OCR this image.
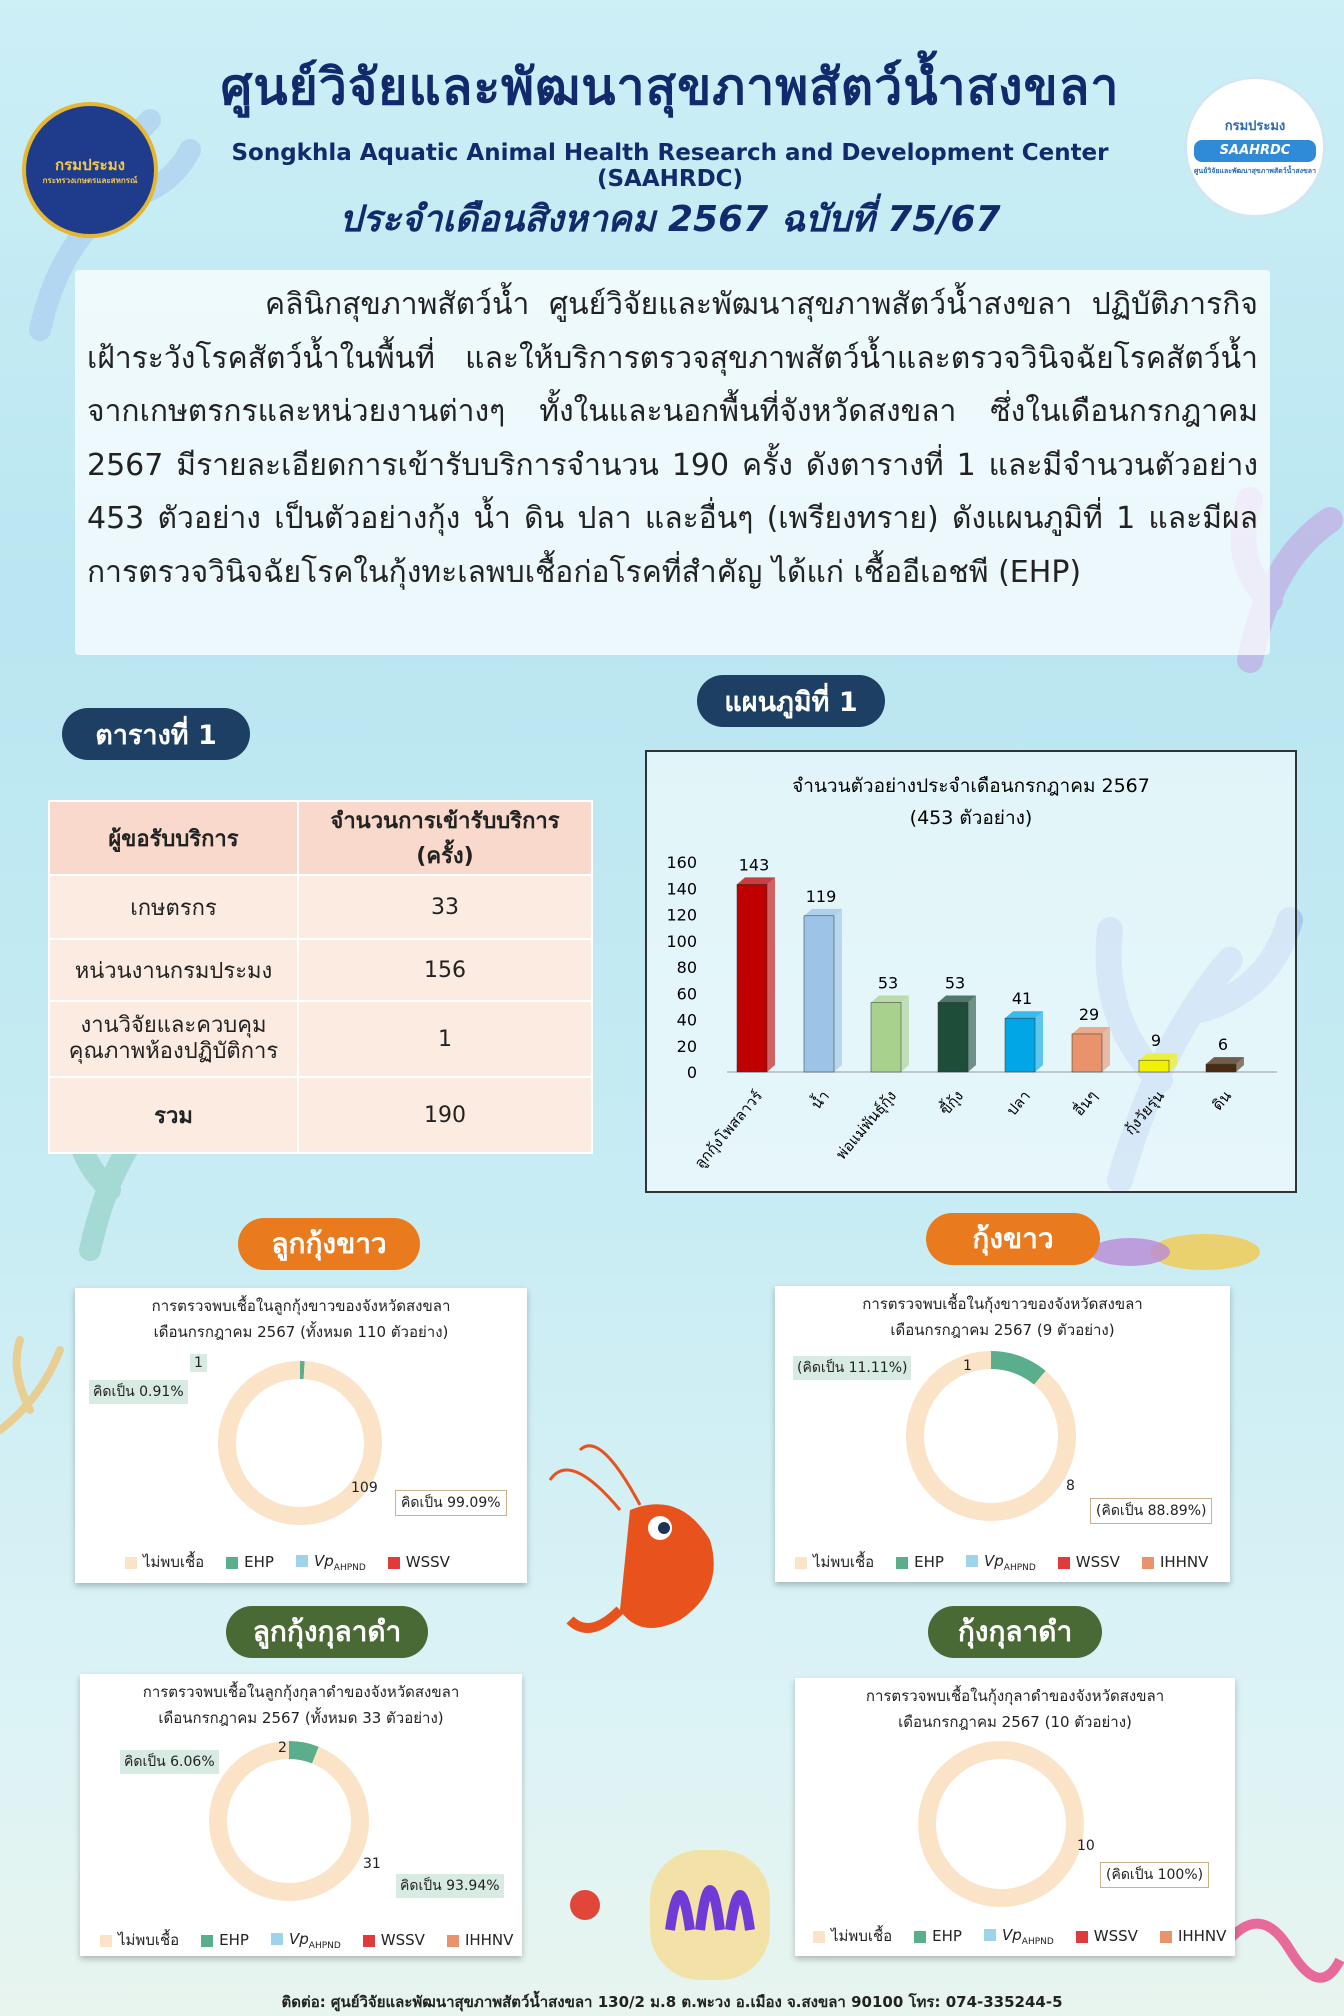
กรมประมง
กระทรวงเกษตรและสหกรณ์
ศูนย์วิจัยและพัฒนาสุขภาพสัตว์น้ำสงขลา
Songkhla Aquatic Animal Health Research and Development Center (SAAHRDC)
ประจำเดือนสิงหาคม 2567 ฉบับที่ 75/67
กรมประมง
SAAHRDC
ศูนย์วิจัยและพัฒนาสุขภาพสัตว์น้ำสงขลา
คลินิกสุขภาพสัตว์น้ำ ศูนย์วิจัยและพัฒนาสุขภาพสัตว์น้ำสงขลา ปฏิบัติภารกิจเฝ้าระวังโรคสัตว์น้ำในพื้นที่ และให้บริการตรวจสุขภาพสัตว์น้ำและตรวจวินิจฉัยโรคสัตว์น้ำจากเกษตรกรและหน่วยงานต่างๆ ทั้งในและนอกพื้นที่จังหวัดสงขลา ซึ่งในเดือนกรกฎาคม 2567 มีรายละเอียดการเข้ารับบริการจำนวน 190 ครั้ง ดังตารางที่ 1 และมีจำนวนตัวอย่าง 453 ตัวอย่าง เป็นตัวอย่างกุ้ง น้ำ ดิน ปลา และอื่นๆ (เพรียงทราย) ดังแผนภูมิที่ 1 และมีผลการตรวจวินิจฉัยโรคในกุ้งทะเลพบเชื้อก่อโรคที่สำคัญ ได้แก่ เชื้ออีเอชพี (EHP)
ตารางที่ 1
ผู้ขอรับบริการ	จำนวนการเข้ารับบริการ (ครั้ง)
เกษตรกร	33
หน่วนงานกรมประมง	156
งานวิจัยและควบคุมคุณภาพห้องปฏิบัติการ	1
รวม	190
แผนภูมิที่ 1
จำนวนตัวอย่างประจำเดือนกรกฎาคม 2567
(453 ตัวอย่าง)
0
20
40
60
80
100
120
140
160	143
ลูกกุ้งโพสลาวร์
119
น้ำ
53
พ่อแม่พันธุ์กุ้ง
53
ขี้กุ้ง
41
ปลา
29
อื่นๆ
9
กุ้งวัยรุ่น
6
ดิน
ลูกกุ้งขาว	กุ้งขาว
ลูกกุ้งกุลาดำ	กุ้งกุลาดำ
การตรวจพบเชื้อในลูกกุ้งขาวของจังหวัดสงขลา
เดือนกรกฎาคม 2567 (ทั้งหมด 110 ตัวอย่าง)
คิดเป็น 0.91%
1
109
คิดเป็น 99.09%
ไม่พบเชื้อ	EHP	$Vp_{AHPND}$	WSSV
การตรวจพบเชื้อในกุ้งขาวของจังหวัดสงขลา
เดือนกรกฎาคม 2567 (9 ตัวอย่าง)
(คิดเป็น 11.11%)	1
8
(คิดเป็น 88.89%)
ไม่พบเชื้อ	EHP	$Vp_{AHPND}$	WSSV	IHHNV
การตรวจพบเชื้อในลูกกุ้งกุลาดำของจังหวัดสงขลา
เดือนกรกฎาคม 2567 (ทั้งหมด 33 ตัวอย่าง)
คิดเป็น 6.06%
2
31
คิดเป็น 93.94%
ไม่พบเชื้อ	EHP	$Vp_{AHPND}$	WSSV	IHHNV
การตรวจพบเชื้อในกุ้งกุลาดำของจังหวัดสงขลา
เดือนกรกฎาคม 2567 (10 ตัวอย่าง)
10
(คิดเป็น 100%)
ไม่พบเชื้อ	EHP	$Vp_{AHPND}$	WSSV	IHHNV
ติดต่อ: ศูนย์วิจัยและพัฒนาสุขภาพสัตว์น้ำสงขลา 130/2 ม.8 ต.พะวง อ.เมือง จ.สงขลา 90100 โทร: 074-335244-5
